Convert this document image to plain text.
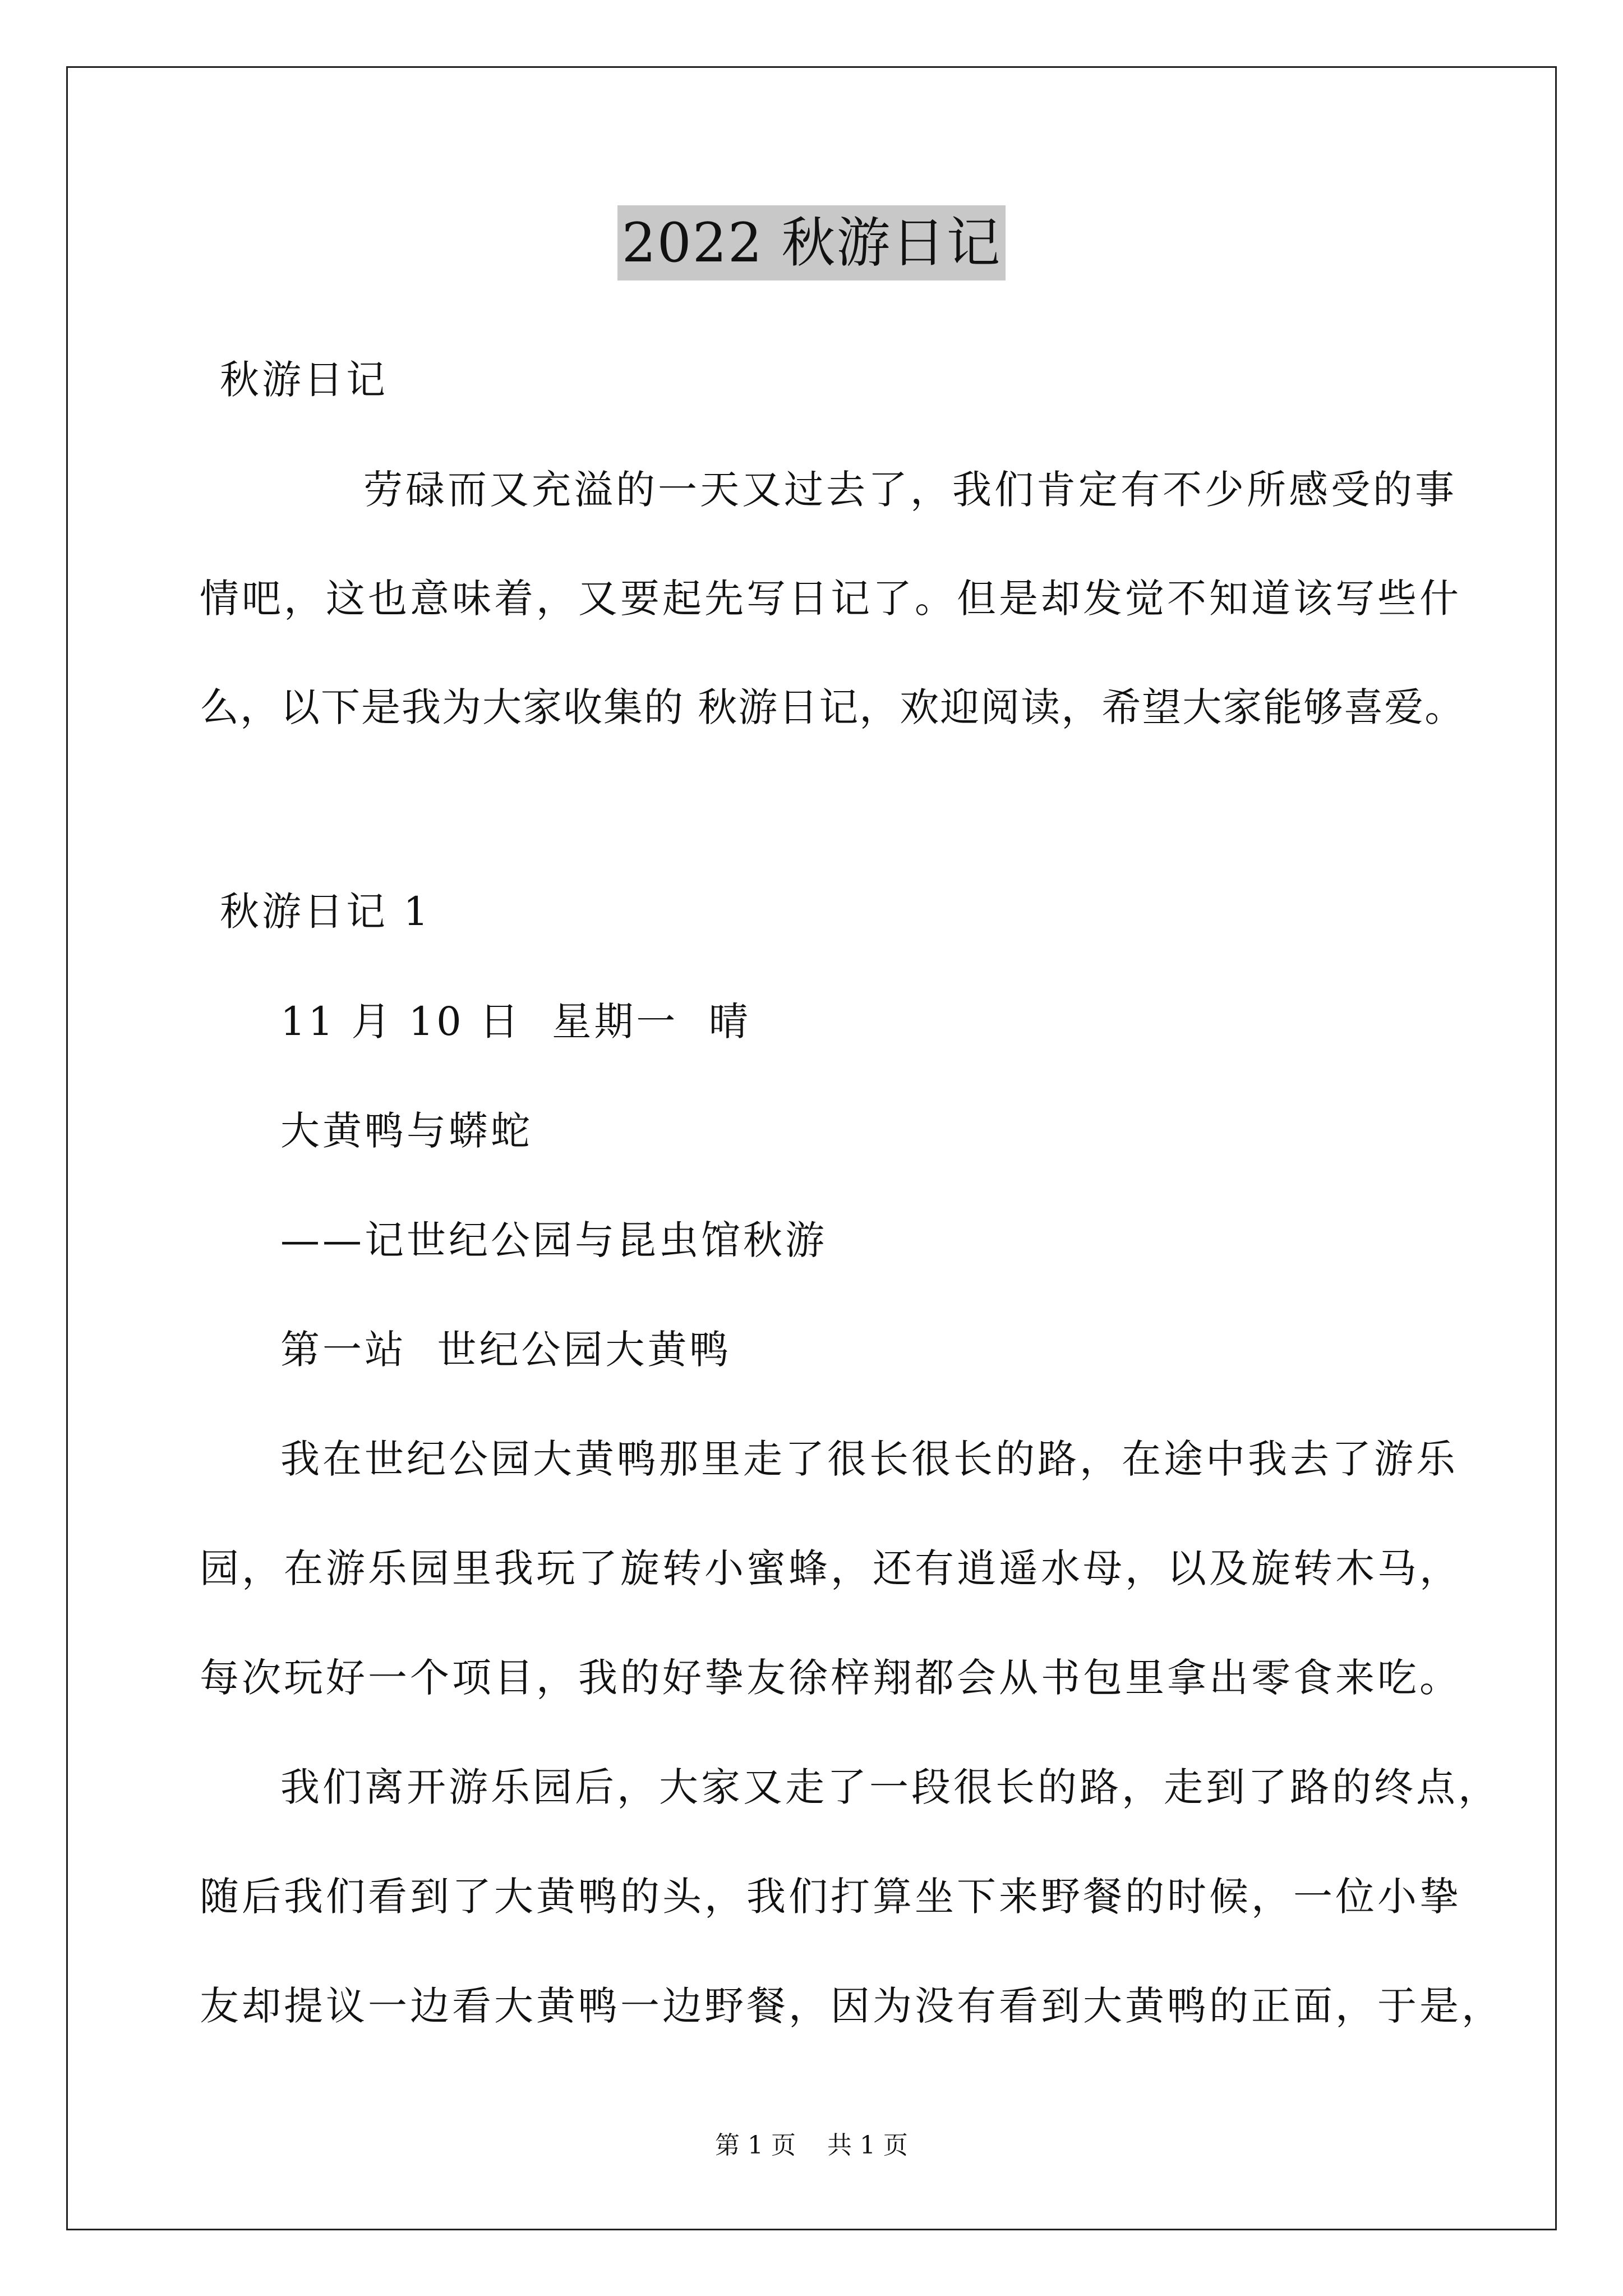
2022 秋游日记
秋游日记
劳碌而又充溢的一天又过去了，我们肯定有不少所感受的事
情吧，这也意味着，又要起先写日记了。但是却发觉不知道该写些什
么，以下是我为大家收集的 秋游日记，欢迎阅读，希望大家能够喜爱。
秋游日记 1
11 月 10 日  星期一  晴
大黄鸭与蟒蛇
——记世纪公园与昆虫馆秋游
第一站  世纪公园大黄鸭
我在世纪公园大黄鸭那里走了很长很长的路，在途中我去了游乐
园，在游乐园里我玩了旋转小蜜蜂，还有逍遥水母，以及旋转木马，
每次玩好一个项目，我的好挚友徐梓翔都会从书包里拿出零食来吃。
我们离开游乐园后，大家又走了一段很长的路，走到了路的终点，
随后我们看到了大黄鸭的头，我们打算坐下来野餐的时候，一位小挚
友却提议一边看大黄鸭一边野餐，因为没有看到大黄鸭的正面，于是，
第 1 页    共 1 页
